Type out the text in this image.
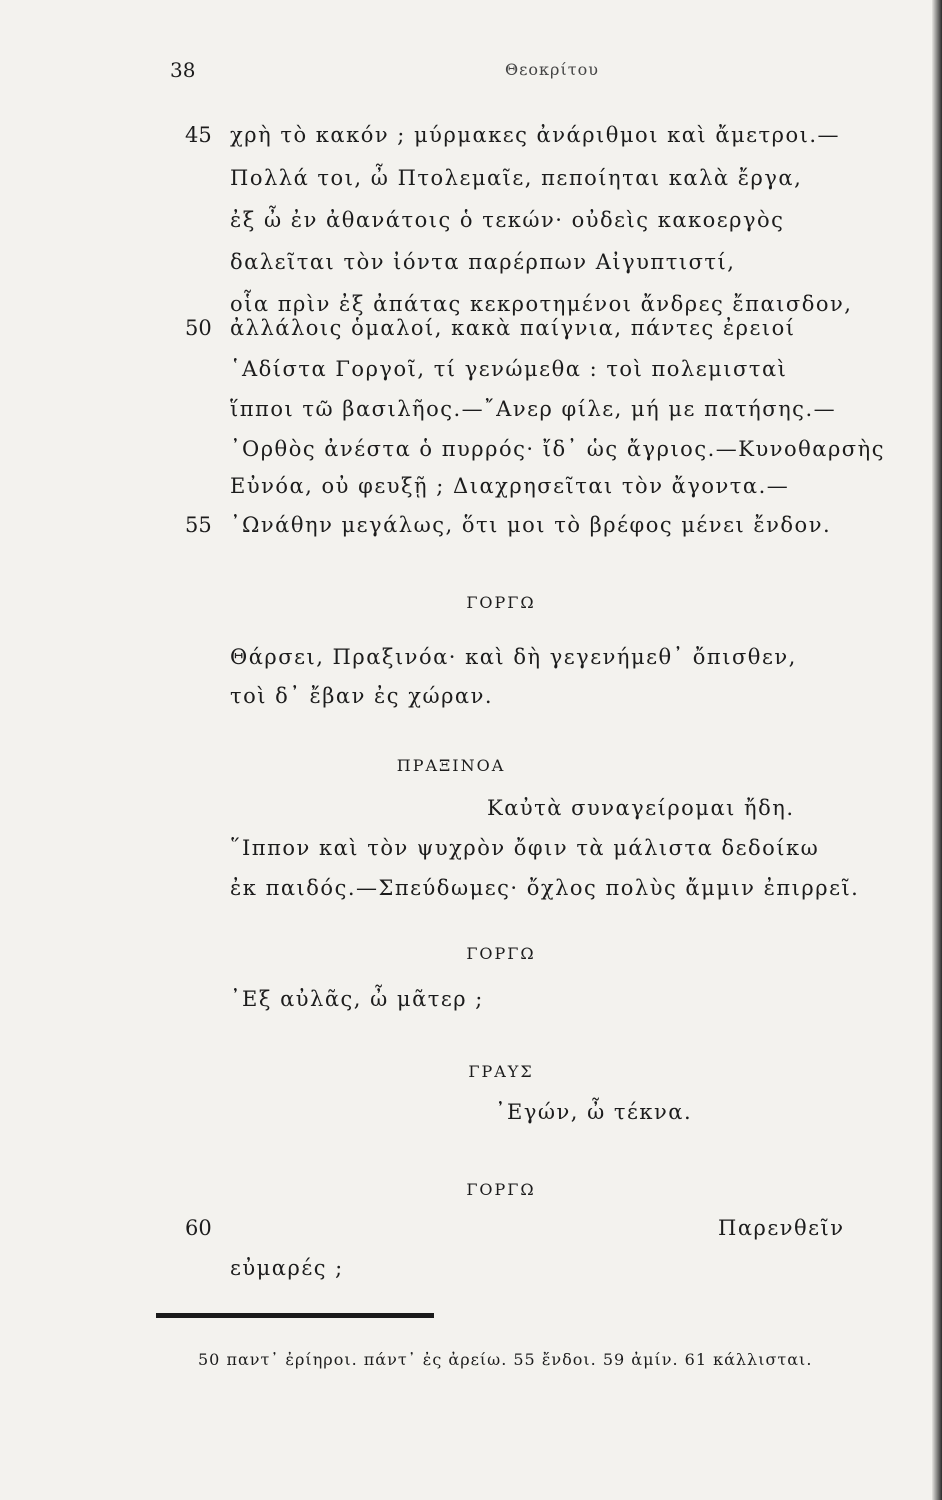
38	Θεοκρίτου
45 χρὴ τὸ κακόν ; μύρμακες ἀνάριθμοι καὶ ἄμετροι.—
Πολλά τοι, ὦ Πτολεμαῖε, πεποίηται καλὰ ἔργα,
ἐξ ὦ ἐν ἀθανάτοις ὁ τεκών· οὐδεὶς κακοεργὸς
δαλεῖται τὸν ἰόντα παρέρπων Αἰγυπτιστί,
οἷα πρὶν ἐξ ἀπάτας κεκροτημένοι ἄνδρες ἔπαισδον,
50 ἀλλάλοις ὁμαλοί, κακὰ παίγνια, πάντες ἐρειοί
῾Αδίστα Γοργοῖ, τί γενώμεθα : τοὶ πολεμισταὶ
ἵπποι τῶ βασιλῆος.—῎Ανερ φίλε, μή με πατήσης.—
᾿Ορθὸς ἀνέστα ὁ πυρρός· ἴδ᾿ ὡς ἄγριος.—Κυνοθαρσὴς
Εὐνόα, οὐ φευξῇ ; Διαχρησεῖται τὸν ἄγοντα.—
55 ᾿Ωνάθην μεγάλως, ὅτι μοι τὸ βρέφος μένει ἔνδον.
ΓΟΡΓΩ
Θάρσει, Πραξινόα· καὶ δὴ γεγενήμεθ᾿ ὄπισθεν,
τοὶ δ᾿ ἔβαν ἐς χώραν.
ΠΡΑΞΙΝΟΑ
Καὐτὰ συναγείρομαι ἤδη.
῞Ιππον καὶ τὸν ψυχρὸν ὄφιν τὰ μάλιστα δεδοίκω
ἐκ παιδός.—Σπεύδωμες· ὄχλος πολὺς ἄμμιν ἐπιρρεῖ.
ΓΟΡΓΩ
᾿Εξ αὐλᾶς, ὦ μᾶτερ ;
ΓΡΑΥΣ
᾿Εγών, ὦ τέκνα.
ΓΟΡΓΩ
60	Παρενθεῖν
εὐμαρές ;
50 παντ᾿ ἐρίηροι. πάντ᾿ ἐς ἀρείω. 55 ἔνδοι. 59 ἀμίν. 61 κάλλισται.
